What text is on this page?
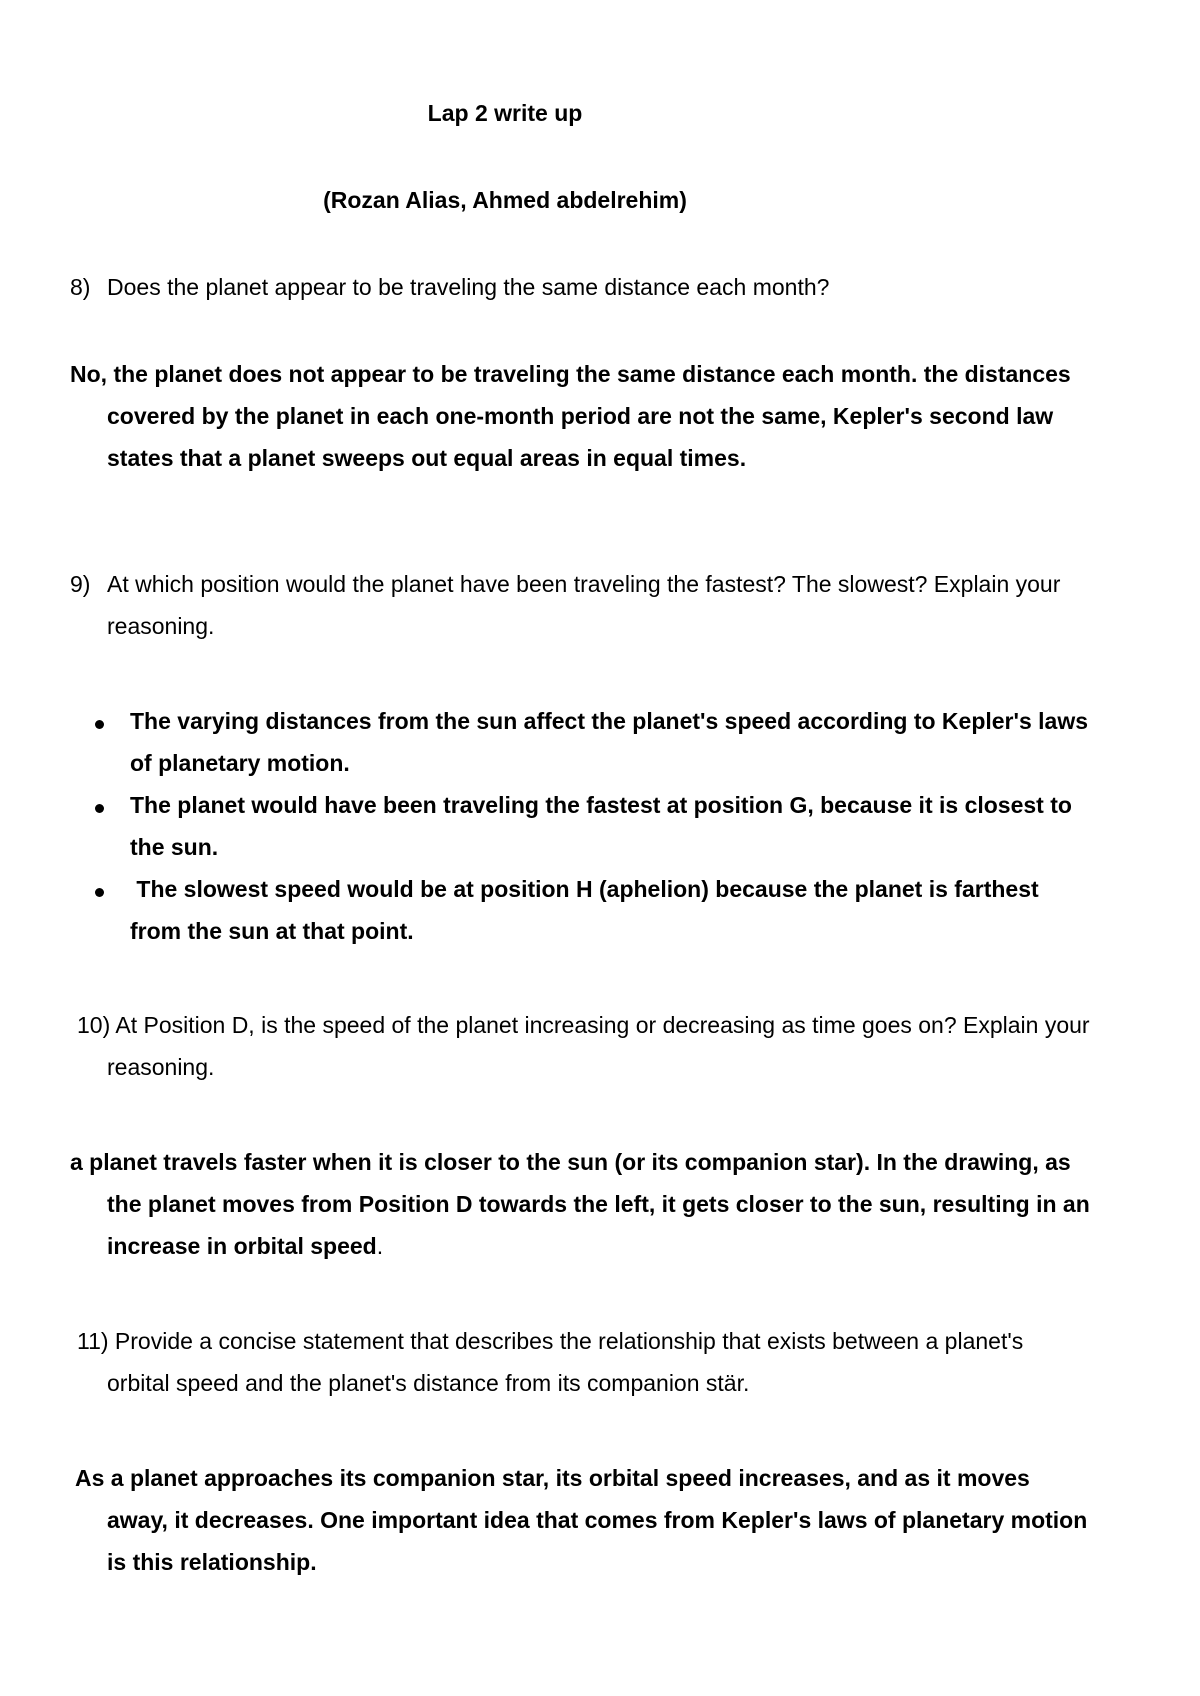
Lap 2 write up
(Rozan Alias, Ahmed abdelrehim)
8) Does the planet appear to be traveling the same distance each month?
No, the planet does not appear to be traveling the same distance each month. the distances
covered by the planet in each one-month period are not the same, Kepler's second law
states that a planet sweeps out equal areas in equal times.
9) At which position would the planet have been traveling the fastest? The slowest? Explain your
reasoning.
The varying distances from the sun affect the planet's speed according to Kepler's laws
of planetary motion.
The planet would have been traveling the fastest at position G, because it is closest to
the sun.
The slowest speed would be at position H (aphelion) because the planet is farthest
from the sun at that point.
10) At Position D, is the speed of the planet increasing or decreasing as time goes on? Explain your
reasoning.
a planet travels faster when it is closer to the sun (or its companion star). In the drawing, as
the planet moves from Position D towards the left, it gets closer to the sun, resulting in an
increase in orbital speed.
11) Provide a concise statement that describes the relationship that exists between a planet's
orbital speed and the planet's distance from its companion stär.
As a planet approaches its companion star, its orbital speed increases, and as it moves
away, it decreases. One important idea that comes from Kepler's laws of planetary motion
is this relationship.
